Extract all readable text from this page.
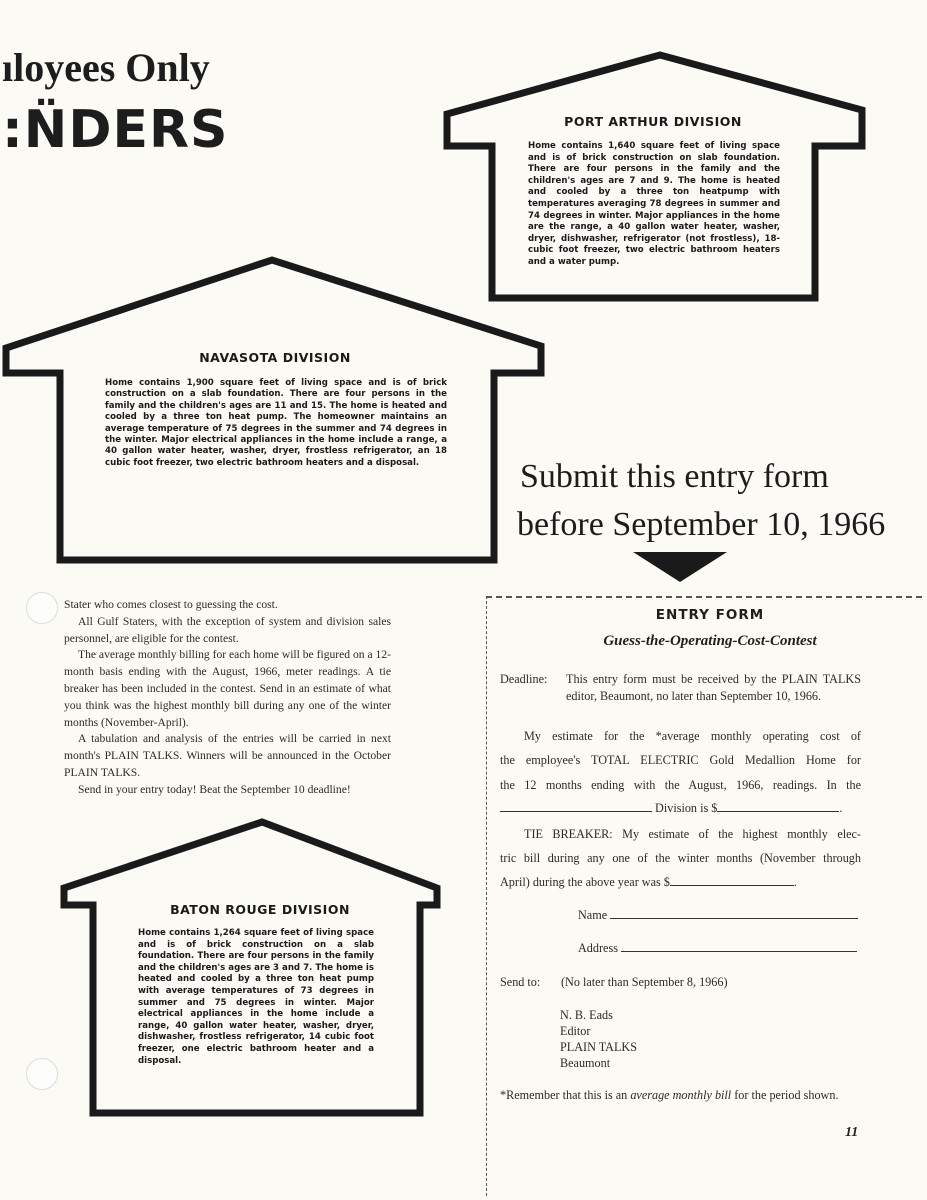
ıloyees Only
:N̈DERS	PORT ARTHUR DIVISION
Home contains 1,640 square feet of living space and is of brick construction on slab foundation. There are four persons in the family and the children's ages are 7 and 9. The home is heated and cooled by a three ton heatpump with temperatures averaging 78 degrees in summer and 74 degrees in winter. Major appliances in the home are the range, a 40 gallon water heater, washer, dryer, dishwasher, refrigerator (not frostless), 18-cubic foot freezer, two electric bathroom heaters and a water pump.
NAVASOTA DIVISION
Home contains 1,900 square feet of living space and is of brick construction on a slab foundation. There are four persons in the family and the children's ages are 11 and 15. The home is heated and cooled by a three ton heat pump. The homeowner maintains an average temperature of 75 degrees in the summer and 74 degrees in the winter. Major electrical appliances in the home include a range, a 40 gallon water heater, washer, dryer, frostless refrigerator, an 18 cubic foot freezer, two electric bathroom heaters and a disposal.
BATON ROUGE DIVISION
Home contains 1,264 square feet of living space and is of brick construction on a slab foundation. There are four persons in the family and the children's ages are 3 and 7. The home is heated and cooled by a three ton heat pump with average temperatures of 73 degrees in summer and 75 degrees in winter. Major electrical appliances in the home include a range, 40 gallon water heater, washer, dryer, dishwasher, frostless refrigerator, 14 cubic foot freezer, one electric bathroom heater and a disposal.
Submit this entry form
before September 10, 1966

Stater who comes closest to guessing the cost.

All Gulf Staters, with the exception of system and division sales personnel, are eligible for the contest.

The average monthly billing for each home will be figured on a 12-month basis ending with the August, 1966, meter readings. A tie breaker has been included in the contest. Send in an estimate of what you think was the highest monthly bill during any one of the winter months (November-April).

A tabulation and analysis of the entries will be carried in next month's PLAIN TALKS. Winners will be announced in the October PLAIN TALKS.

Send in your entry today! Beat the September 10 deadline!

ENTRY FORM
Guess-the-Operating-Cost-Contest
Deadline: This entry form must be received by the PLAIN TALKS editor, Beaumont, no later than September 10, 1966.
My estimate for the *average monthly operating cost of
the employee's TOTAL ELECTRIC Gold Medallion Home for
the 12 months ending with the August, 1966, readings. In the
Division is $	.
TIE BREAKER: My estimate of the highest monthly elec-
tric bill during any one of the winter months (November through
April) during the above year was $	.
Name
Address
Send to: (No later than September 8, 1966)
N. B. Eads
Editor
PLAIN TALKS
Beaumont
*Remember that this is an average monthly bill for the period shown.
11
